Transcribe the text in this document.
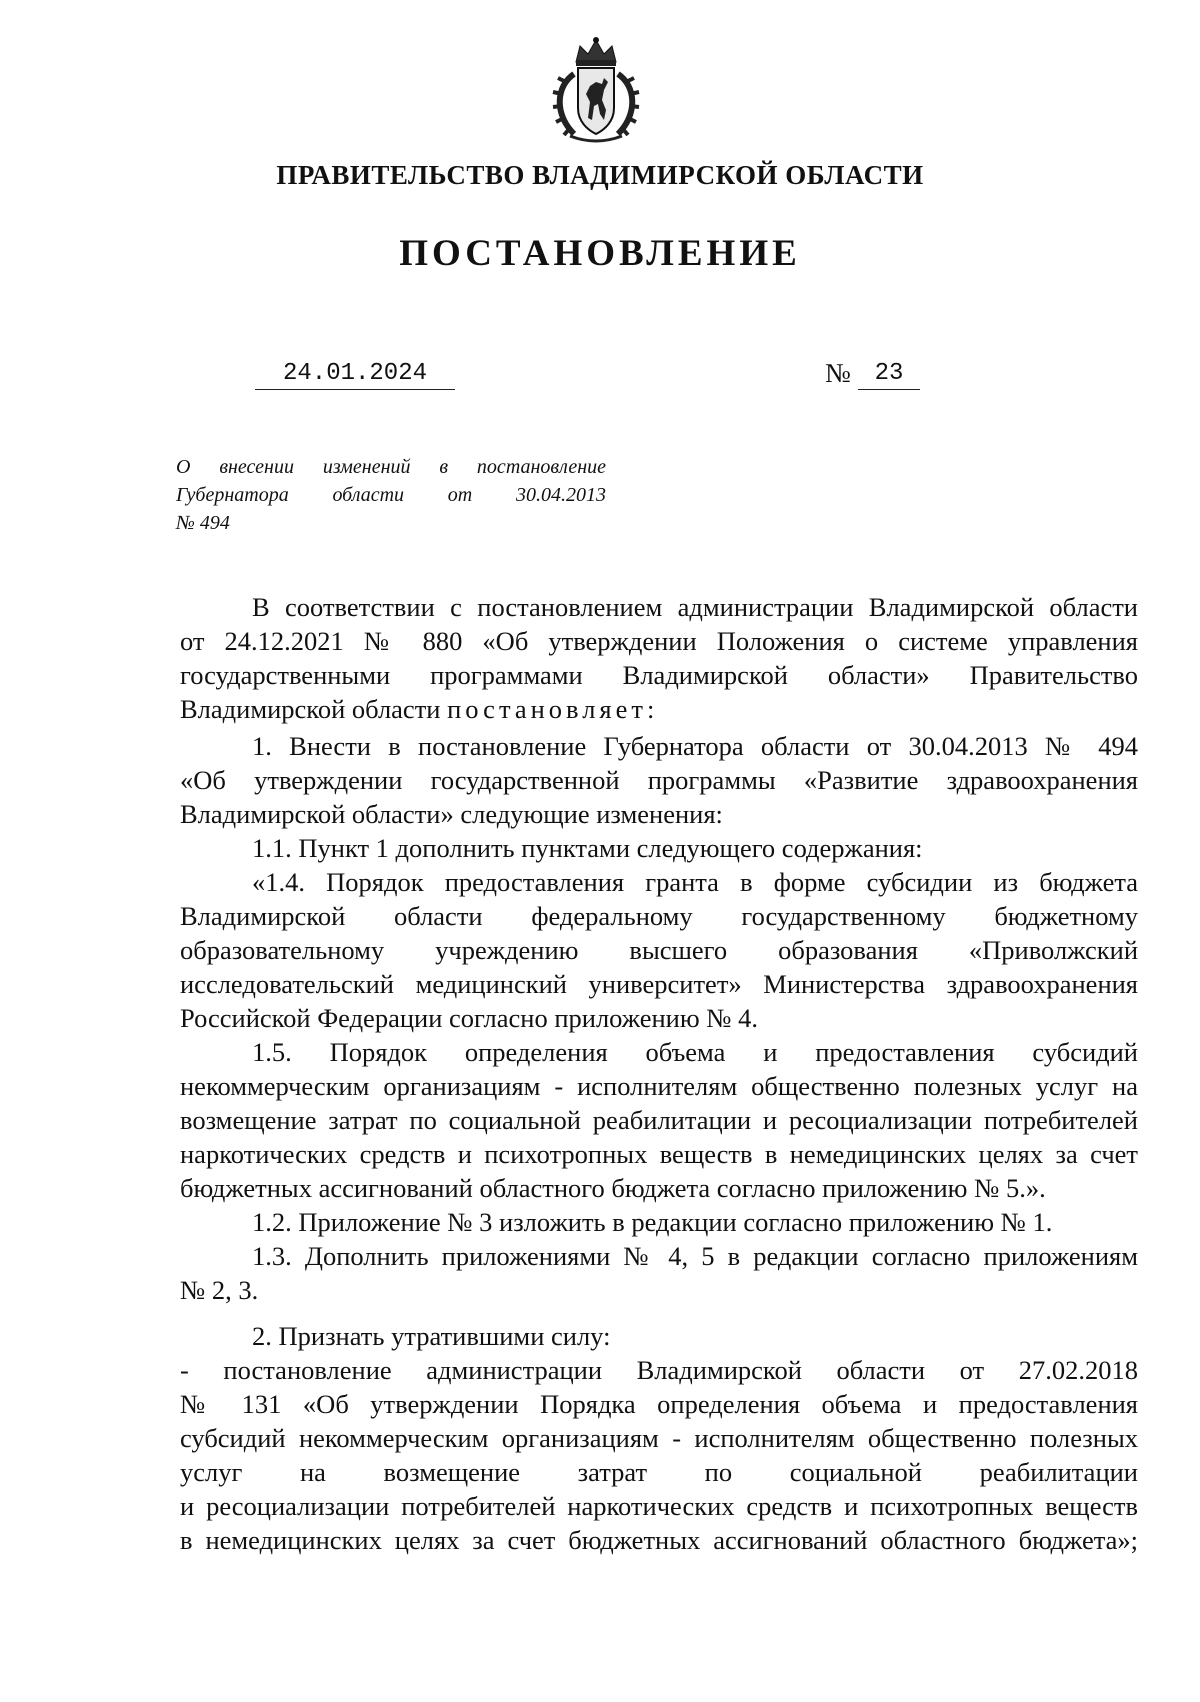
ПРАВИТЕЛЬСТВО ВЛАДИМИРСКОЙ ОБЛАСТИ
ПОСТАНОВЛЕНИЕ
24.01.2024	№ 23
О внесении изменений в постановление
Губернатора области от 30.04.2013
№ 494
В соответствии с постановлением администрации Владимирской области
от 24.12.2021 № 880 «Об утверждении Положения о системе управления
государственными программами Владимирской области» Правительство
Владимирской области постановляет:
1. Внести в постановление Губернатора области от 30.04.2013 № 494
«Об утверждении государственной программы «Развитие здравоохранения
Владимирской области» следующие изменения:
1.1. Пункт 1 дополнить пунктами следующего содержания:
«1.4. Порядок предоставления гранта в форме субсидии из бюджета
Владимирской области федеральному государственному бюджетному
образовательному учреждению высшего образования «Приволжский
исследовательский медицинский университет» Министерства здравоохранения
Российской Федерации согласно приложению № 4.
1.5. Порядок определения объема и предоставления субсидий
некоммерческим организациям - исполнителям общественно полезных услуг на
возмещение затрат по социальной реабилитации и ресоциализации потребителей
наркотических средств и психотропных веществ в немедицинских целях за счет
бюджетных ассигнований областного бюджета согласно приложению № 5.».
1.2. Приложение № 3 изложить в редакции согласно приложению № 1.
1.3. Дополнить приложениями № 4, 5 в редакции согласно приложениям
№ 2, 3.
2. Признать утратившими силу:
- постановление администрации Владимирской области от 27.02.2018
№ 131 «Об утверждении Порядка определения объема и предоставления
субсидий некоммерческим организациям - исполнителям общественно полезных
услуг на возмещение затрат по социальной реабилитации
и ресоциализации потребителей наркотических средств и психотропных веществ
в немедицинских целях за счет бюджетных ассигнований областного бюджета»;
